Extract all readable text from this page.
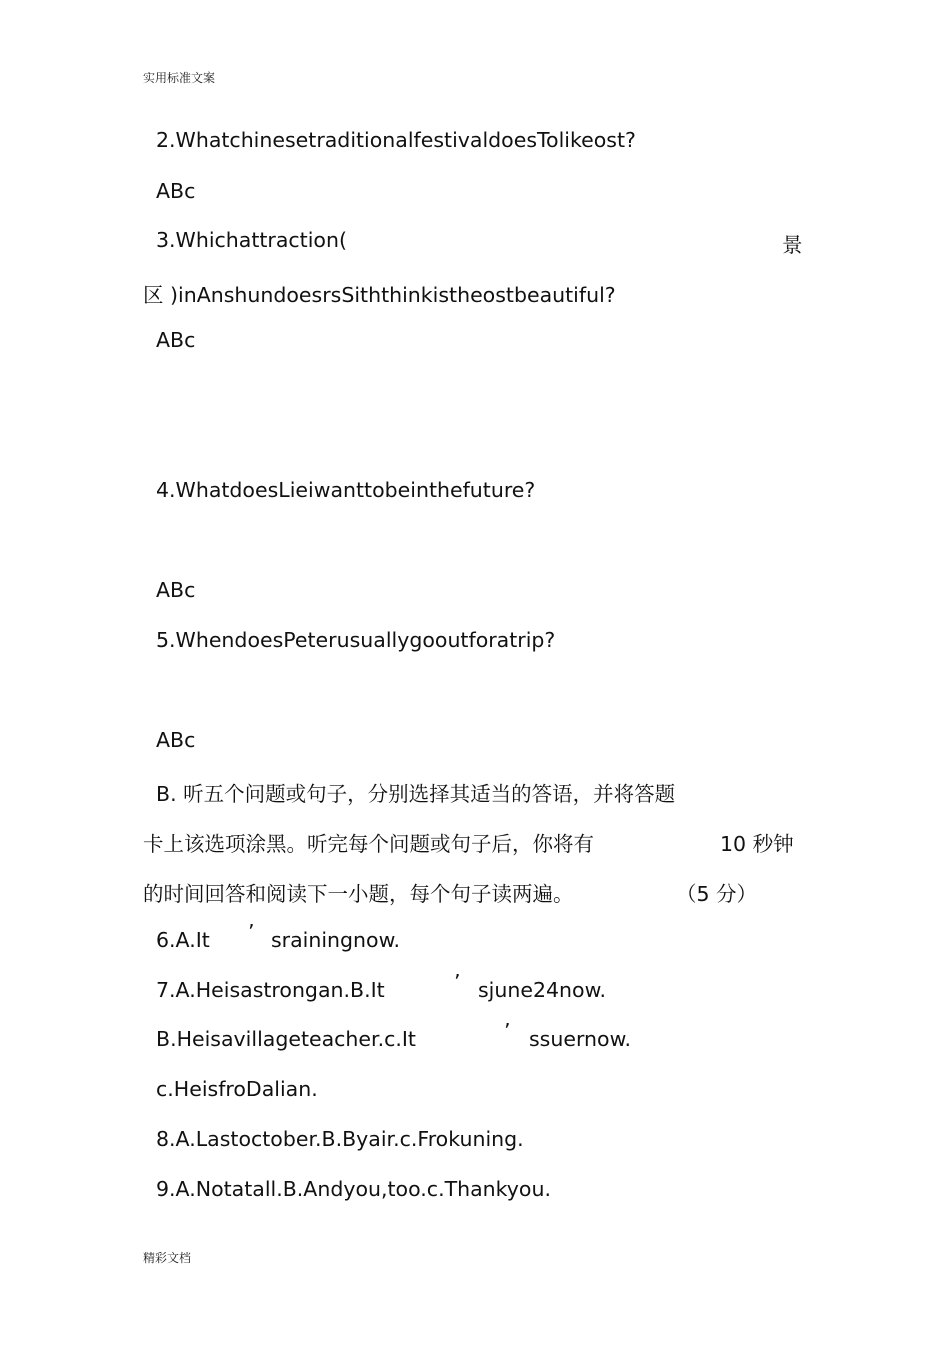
实用标准文案
2.WhatchinesetraditionalfestivaldoesTolikeost?
ABc
3.Whichattraction(	景
区 )inAnshundoesrsSiththinkistheostbeautiful?
ABc
4.WhatdoesLieiwanttobeinthefuture?
ABc
5.WhendoesPeterusuallygooutforatrip?
ABc
B. 听五个问题或句子，分别选择其适当的答语，并将答题
卡上该选项涂黑。听完每个问题或句子后，你将有	10 秒钟
的时间回答和阅读下一小题，每个句子读两遍。	（5 分）
6.A.It ’ srainingnow.
7.A.Heisastrongan.B.It	’ sjune24now.
B.Heisavillageteacher.c.It	’ ssuernow.
c.HeisfroDalian.
8.A.Lastoctober.B.Byair.c.Frokuning.
9.A.Notatall.B.Andyou,too.c.Thankyou.
精彩文档
